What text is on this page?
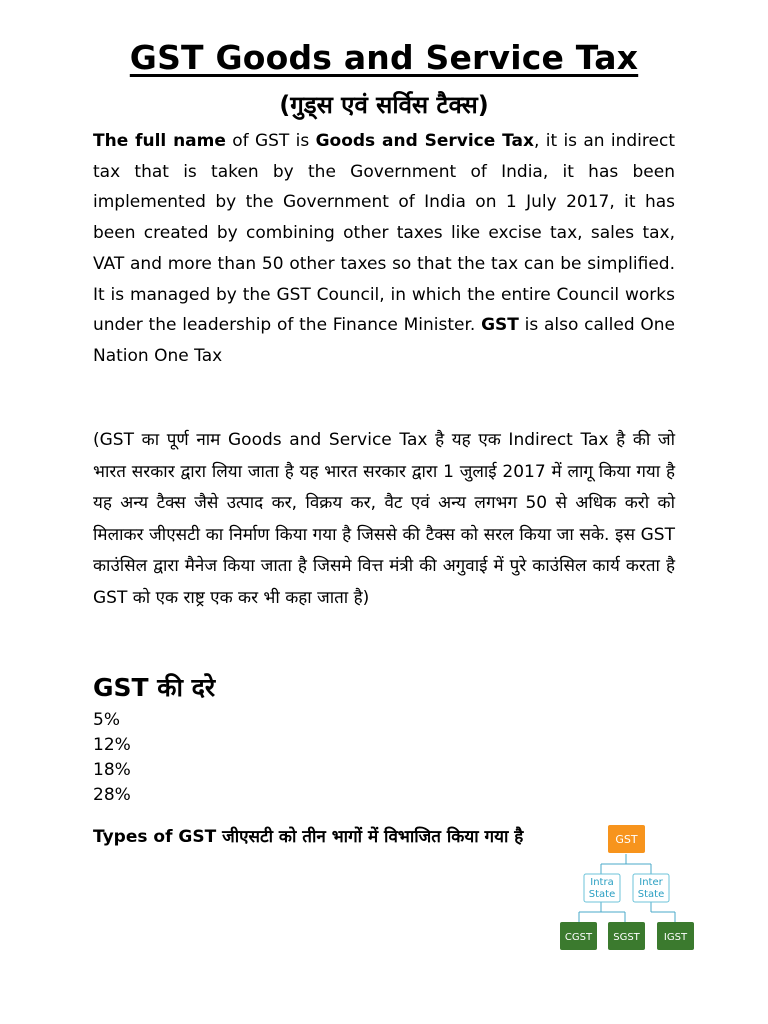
GST Goods and Service Tax
(गुड्स एवं सर्विस टैक्स)
The full name of GST is Goods and Service Tax, it is an indirect tax that is taken by the Government of India, it has been implemented by the Government of India on 1 July 2017, it has been created by combining other taxes like excise tax, sales tax, VAT and more than 50 other taxes so that the tax can be simplified. It is managed by the GST Council, in which the entire Council works under the leadership of the Finance Minister. GST is also called One Nation One Tax
(GST का पूर्ण नाम Goods and Service Tax है यह एक Indirect Tax है की जो भारत सरकार द्वारा लिया जाता है यह भारत सरकार द्वारा 1 जुलाई 2017 में लागू किया गया है यह अन्य टैक्स जैसे उत्पाद कर, विक्रय कर, वैट एवं अन्य लगभग 50 से अधिक करो को मिलाकर जीएसटी का निर्माण किया गया है जिससे की टैक्स को सरल किया जा सके. इस GST काउंसिल द्वारा मैनेज किया जाता है जिसमे वित्त मंत्री की अगुवाई में पुरे काउंसिल कार्य करता है GST को एक राष्ट्र एक कर भी कहा जाता है)
GST की दरे
5%
12%
18%
28%
Types of GST जीएसटी को तीन भागों में विभाजित किया गया है	GST
Intra
State
Inter
State
CGST SGST IGST
